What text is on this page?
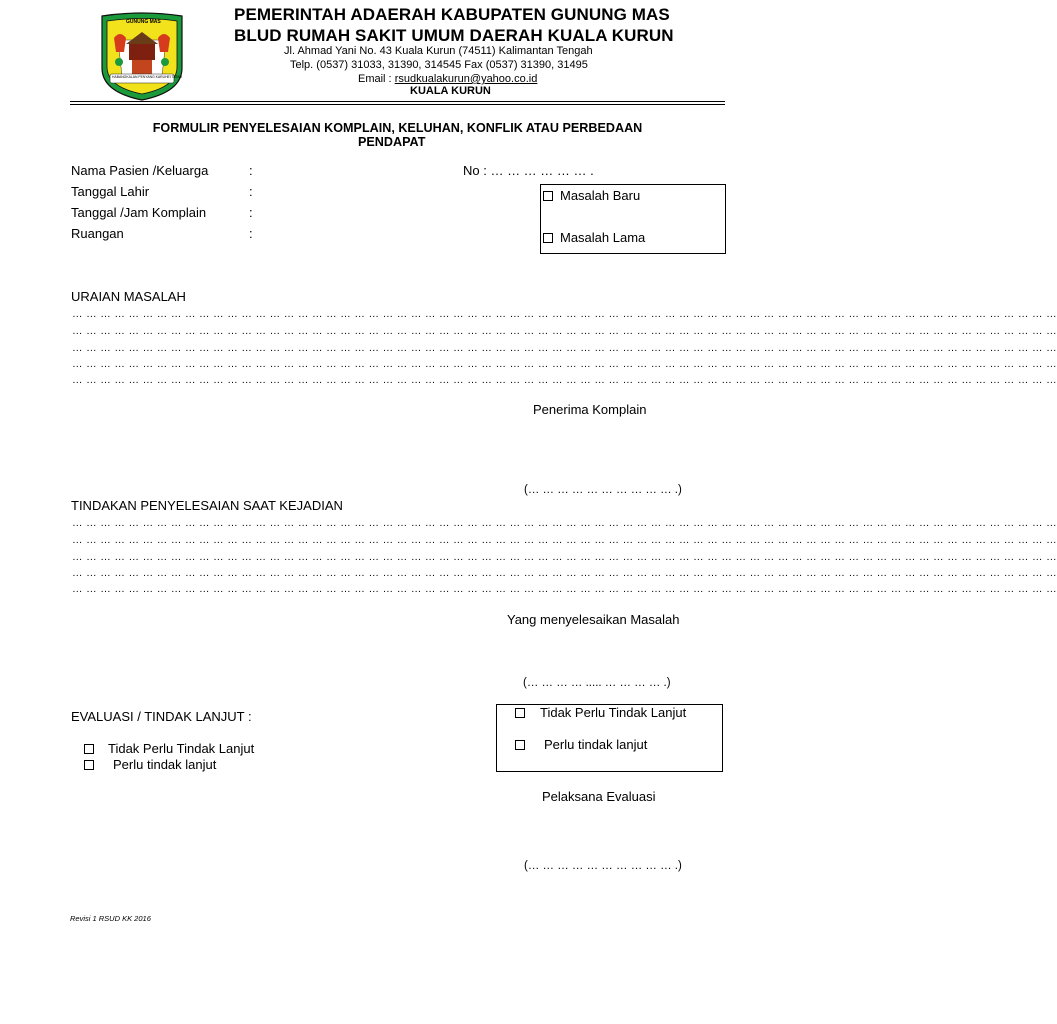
GUNUNG MAS
HABANGKALAN PENYANG KARUHEI TATAU
PEMERINTAH ADAERAH KABUPATEN GUNUNG MAS
BLUD RUMAH SAKIT UMUM DAERAH KUALA KURUN
Jl. Ahmad Yani No. 43 Kuala Kurun (74511) Kalimantan Tengah
Telp. (0537) 31033, 31390, 314545 Fax (0537) 31390, 31495
Email : rsudkualakurun@yahoo.co.id
KUALA KURUN
FORMULIR PENYELESAIAN KOMPLAIN, KELUHAN, KONFLIK ATAU PERBEDAAN
PENDAPAT
Nama Pasien /Keluarga	:
Tanggal Lahir	:
Tanggal /Jam Komplain	:
Ruangan	:
No : … … … … … … .
Masalah Baru
Masalah Lama
URAIAN MASALAH
… … … … … … … … … … … … … … … … … … … … … … … … … … … … … … … … … … … … … … … … … … … … … … … … … … … … … … … … … … … … … … … … … … … … … …
… … … … … … … … … … … … … … … … … … … … … … … … … … … … … … … … … … … … … … … … … … … … … … … … … … … … … … … … … … … … … … … … … … … … … …
… … … … … … … … … … … … … … … … … … … … … … … … … … … … … … … … … … … … … … … … … … … … … … … … … … … … … … … … … … … … … … … … … … … … … …
… … … … … … … … … … … … … … … … … … … … … … … … … … … … … … … … … … … … … … … … … … … … … … … … … … … … … … … … … … … … … … … … … … … … … …
… … … … … … … … … … … … … … … … … … … … … … … … … … … … … … … … … … … … … … … … … … … … … … … … … … … … … … … … … … … … … … … … … … … … … …
Penerima Komplain
(… … … … … … … … … … .)
TINDAKAN PENYELESAIAN SAAT KEJADIAN
… … … … … … … … … … … … … … … … … … … … … … … … … … … … … … … … … … … … … … … … … … … … … … … … … … … … … … … … … … … … … … … … … … … … … …
… … … … … … … … … … … … … … … … … … … … … … … … … … … … … … … … … … … … … … … … … … … … … … … … … … … … … … … … … … … … … … … … … … … … … …
… … … … … … … … … … … … … … … … … … … … … … … … … … … … … … … … … … … … … … … … … … … … … … … … … … … … … … … … … … … … … … … … … … … … … …
… … … … … … … … … … … … … … … … … … … … … … … … … … … … … … … … … … … … … … … … … … … … … … … … … … … … … … … … … … … … … … … … … … … … … …
… … … … … … … … … … … … … … … … … … … … … … … … … … … … … … … … … … … … … … … … … … … … … … … … … … … … … … … … … … … … … … … … … … … … … …
Yang menyelesaikan Masalah
(… … … … ..... … … … … .)
EVALUASI / TINDAK LANJUT :
Tidak Perlu Tindak Lanjut
Perlu tindak lanjut
Tidak Perlu Tindak Lanjut
Perlu tindak lanjut
Pelaksana Evaluasi
(… … … … … … … … … … .)
Revisi 1 RSUD KK 2016
